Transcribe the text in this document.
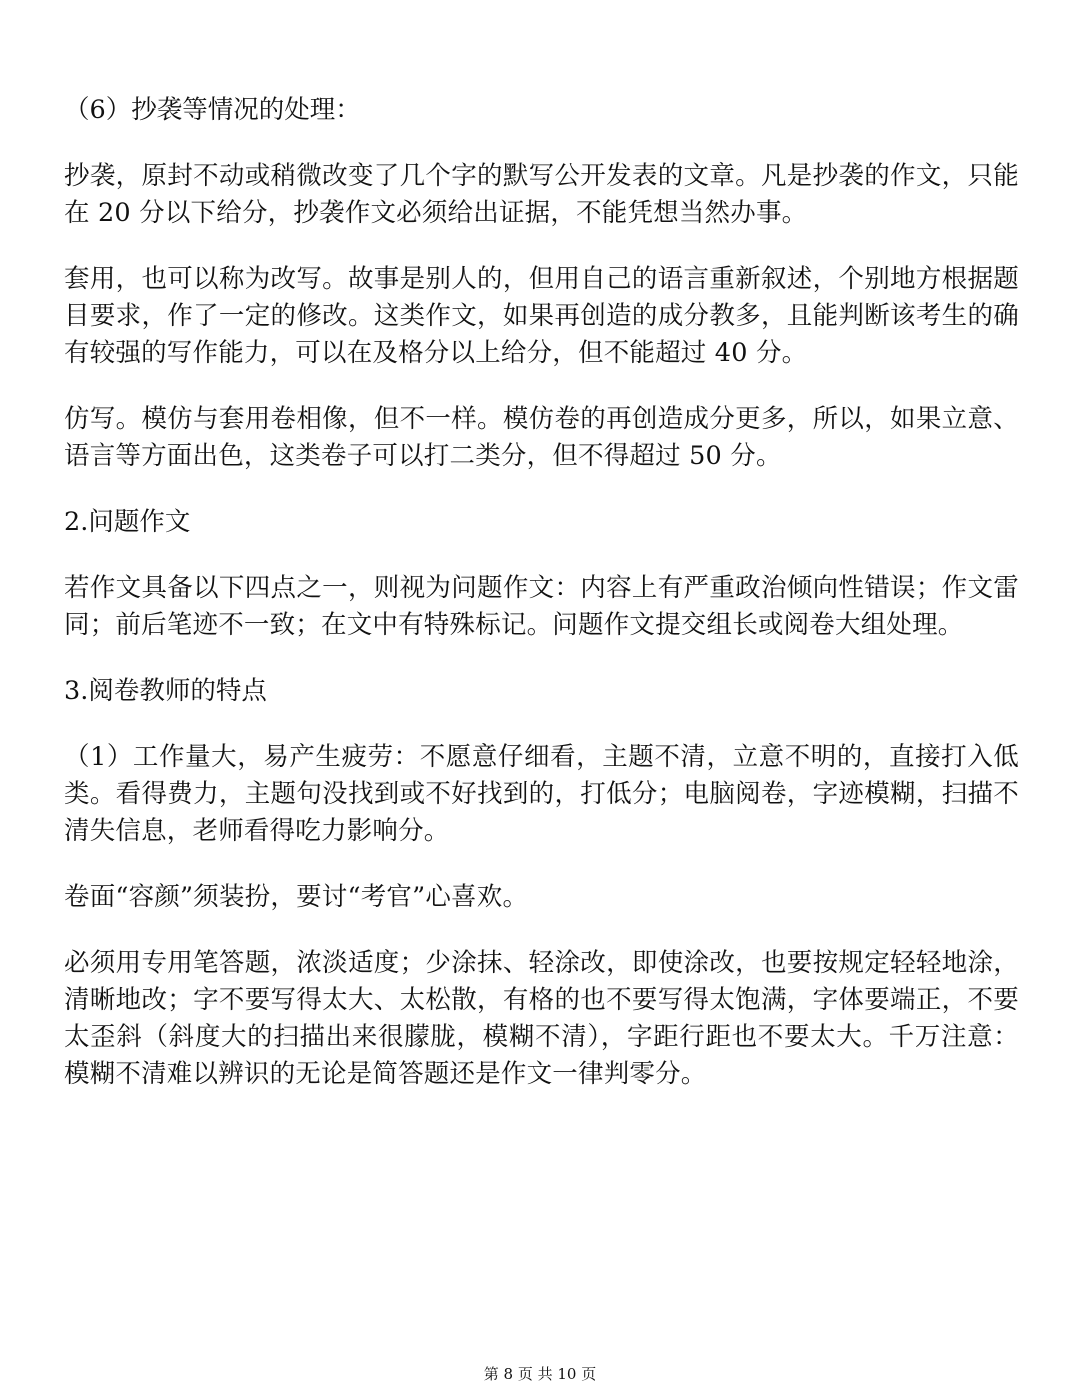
（6）抄袭等情况的处理：

抄袭，原封不动或稍微改变了几个字的默写公开发表的文章。凡是抄袭的作文，只能在 20 分以下给分，抄袭作文必须给出证据，不能凭想当然办事。

套用，也可以称为改写。故事是别人的，但用自己的语言重新叙述，个别地方根据题目要求，作了一定的修改。这类作文，如果再创造的成分教多，且能判断该考生的确有较强的写作能力，可以在及格分以上给分，但不能超过 40 分。

仿写。模仿与套用卷相像，但不一样。模仿卷的再创造成分更多，所以，如果立意、语言等方面出色，这类卷子可以打二类分，但不得超过 50 分。

2.问题作文

若作文具备以下四点之一，则视为问题作文：内容上有严重政治倾向性错误；作文雷同；前后笔迹不一致；在文中有特殊标记。问题作文提交组长或阅卷大组处理。

3.阅卷教师的特点

（1）工作量大，易产生疲劳：不愿意仔细看，主题不清，立意不明的，直接打入低类。看得费力，主题句没找到或不好找到的，打低分；电脑阅卷，字迹模糊，扫描不清失信息，老师看得吃力影响分。

卷面“容颜”须装扮，要讨“考官”心喜欢。

必须用专用笔答题，浓淡适度；少涂抹、轻涂改，即使涂改，也要按规定轻轻地涂，清晰地改；字不要写得太大、太松散，有格的也不要写得太饱满，字体要端正，不要太歪斜（斜度大的扫描出来很朦胧，模糊不清），字距行距也不要太大。千万注意：模糊不清难以辨识的无论是简答题还是作文一律判零分。

第 8 页 共 10 页
